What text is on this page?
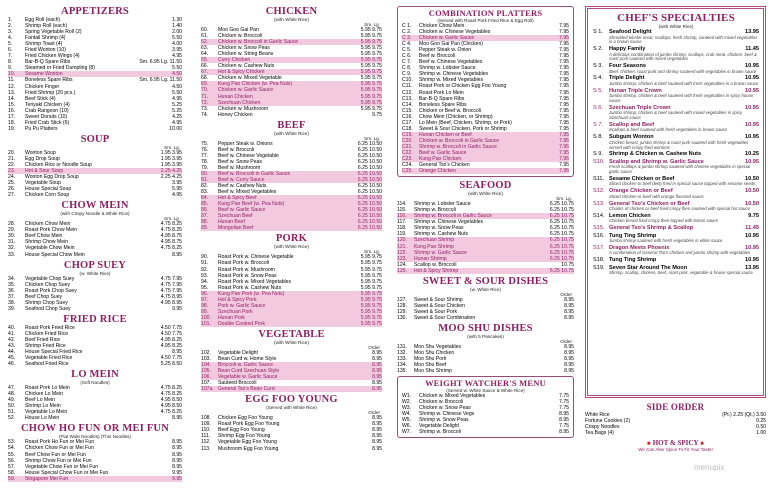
APPETIZERS
1.	Egg Roll (each)	1.30
2.	Shrimp Roll (each)	1.40
3.	Spring Vegetable Roll (2)	2.00
4.	Fantail Shrimp (4)	5.50
5.	Shrimp Toast (4)	4.00
6.	Fried Wonton (10)	3.95
7.	Fried Chicken Wings (4)	4.95
8.	Bar-B-Q Spare Ribs	Sm. 6.95 Lg. 11.50
9.	Steamed or Fried Dumpling (8)	5.50
10.	Sesame Wonton	4.50
11.	Boneless Spare Ribs	Sm. 6.95 Lg. 11.50
12.	Chicken Finger	4.50
13.	Fried Shrimp (20 pcs.)	5.50
14.	Beef Stick (4)	4.95
15.	Teriyaki Chicken (4)	5.25
16.	Crab Rangoon (10)	5.25
17.	Sweet Donuts (10)	4.25
18.	Fried Crab Stick (6)	4.95
19.	Pu Pu Platters	10.00
SOUP
Sm. Lg.
20.	Wonton Soup	1.95 3.95
21.	Egg Drop Soup	1.95 3.95
22.	Chicken Rice or Noodle Soup	1.95 3.95
23.	Hot & Sour Soup	2.25 4.25
24.	Wonton Egg Drop Soup	2.25 4.25
25.	Vegetable Soup	3.95
26.	House Special Soup	5.95
27.	Chicken Corn Soup	4.95
CHOW MEIN
(with Crispy Noodle & White Rice)
Sm. Lg.
28.	Chicken Chow Mein	4.75 8.25
29.	Roast Pork Chow Mein	4.75 8.25
30.	Beef Chow Mein	4.95 8.75
31.	Shrimp Chow Mein	4.95 8.75
32.	Vegetable Chow Mein	4.75 8.25
33.	House Special Chow Mein	8.95
CHOP SUEY
(w. White Rice)
34.	Vegetable Chop Suey	4.75 7.95
35.	Chicken Chop Suey	4.75 7.95
36.	Roast Pork Chop Suey	4.75 7.95
37.	Beef Chop Suey	4.75 8.95
38.	Shrimp Chop Suey	4.95 8.95
39.	Seafood Chop Suey	9.95
FRIED RICE
40.	Roast Pork Fried Rice	4.50 7.75
41.	Chicken Fried Rice	4.50 7.75
42.	Beef Fried Rice	4.95 8.25
43.	Shrimp Fried Rice	4.95 8.25
44.	House Special Fried Rice	8.95
45.	Vegetable Fried Rice	4.50 7.75
46.	Seafood Fried Rice	5.25 8.50
LO MEIN
(Soft Noodles)
47.	Roast Pork Lo Mein	4.75 8.25
48.	Chicken Lo Mein	4.75 8.25
49.	Beef Lo Mein	4.95 8.50
50.	Shrimp Lo Mein	4.95 8.50
51.	Vegetable Lo Mein	4.75 8.25
52.	House Lo Mein	8.95
CHOW HO FUN OR MEI FUN
(Flat Wide Noodles) (Thin Noodles)
53.	Roast Pork Ho Fun or Mei Fun	8.95
54.	Chicken Chow Fun or Mei Fun	8.95
55.	Beef Chow Fun or Mei Fun	8.95
56.	Shrimp Chow Fun or Mei Fun	8.95
57.	Vegetable Chow Fun or Mei Fun	8.95
58.	House Special Chow Fun or Mei Fun	9.95
59.	Singapore Mei Fun	9.95
CHICKEN
(with White Rice)
Sm. Lg.
60.	Moo Goo Gai Pan	5.95 9.75
61.	Chicken w. Broccoli	5.95 9.75
62.	Chicken w. Broccoli in Garlic Sauce	5.95 9.75
63.	Chicken w. Snow Peas	5.95 9.75
64.	Chicken w. String Beans	5.95 9.75
65.	Curry Chicken	5.95 9.75
66.	Chicken w. Cashew Nuts	5.95 9.75
67.	Hot & Spicy Chicken	5.95 9.75
68.	Chicken w. Mixed Vegetable	5.95 9.75
69.	Kung Pao Chicken (w. Pea Nuts)	5.95 9.75
70.	Chicken w. Garlic Sauce	5.95 9.75
71.	Hunan Chicken	5.95 9.75
72.	Szechuan Chicken	5.95 9.75
73.	Chicken w. Mushroom	5.95 9.75
74.	Honey Chicken	9.75
BEEF
(with White Rice)
Sm. Lg.
75.	Pepper Steak w. Onions	6.25 10.50
76.	Beef w. Broccoli	6.25 10.50
77.	Beef w. Chinese Vegetable	6.25 10.50
78.	Beef w. Snow Peas	6.25 10.50
79.	Beef w. Mushroom	6.25 10.50
80.	Beef w. Broccoli in Garlic Sauce	6.25 10.50
81.	Beef w. Curry Sauce	6.25 10.50
82.	Beef w. Cashew Nuts	6.25 10.50
83.	Beef w. Mixed Vegetables	6.25 10.50
84.	Hot & Spicy Beef	6.25 10.50
85.	Kung Pao Beef (w. Pea Nuts)	6.25 10.50
86.	Beef w. Garlic Sauce	6.25 10.50
87.	Szechuan Beef	6.25 10.50
88.	Hunan Beef	6.25 10.50
89.	Mongolian Beef	6.25 10.50
PORK
(with White Rice)
Sm. Lg.
90.	Roast Pork w. Chinese Vegetable	5.95 9.75
91.	Roast Pork w. Broccoli	5.95 9.75
92.	Roast Pork w. Mushroom	5.95 9.75
93.	Roast Pork w. Snow Peas	5.95 9.75
94.	Roast Pork w. Mixed Vegetables	5.95 9.75
95.	Roast Pork w. Cashew Nuts	5.95 9.75
96.	Kung Pao Pork (w. Pea Nuts)	5.95 9.75
97.	Hot & Spicy Pork	5.95 9.75
98.	Pork w. Garlic Sauce	5.95 9.75
99.	Szechuan Pork	5.95 9.75
100.	Hunan Pork	5.95 9.75
101.	Double Cooked Pork	5.95 9.75
VEGETABLE
(with White Rice)
Order
102.	Vegetable Delight	8.95
103.	Bean Curd w. Home Style	8.95
104.	Broccoli w. Garlic Sauce	8.95
105.	Bean Curd Szechuan Style	8.95
106.	Vegetable w. Garlic Sauce	8.95
107.	Sauteed Broccoli	8.95
107a. General Tso's Bean Curd	8.95
EGG FOO YOUNG
(Served with White Rice)
Order
108.	Chicken Egg Foo Young	8.95
109.	Roast Pork Egg Foo Young	8.95
110.	Beef Egg Foo Young	8.95
111.	Shrimp Egg Foo Young	8.95
112.	Vegetable Egg Foo Young	8.95
113.	Mushroom Egg Foo Young	8.95
COMBINATION PLATTERS
(Served with Roast Pork Fried Rice & Egg Roll)
C 1.	Chicken Chow Mein	7.95
C 2.	Chicken w. Chinese Vegetables	7.95
C 3.	Chicken w. Garlic Sauce	7.95
C 4.	Moo Goo Gai Pan (Chicken)	7.95
C 5.	Pepper Steak w. Onion	7.95
C 6.	Beef w. Broccoli	7.95
C 7.	Beef w. Chinese Vegetables	7.95
C 8.	Shrimp w. Lobster Sauce	7.95
C 9.	Shrimp w. Chinese Vegetables	7.95
C10.	Shrimp w. Mixed Vegetables	7.95
C11.	Roast Pork or Chicken Egg Foo Young	7.95
C12.	Roast Pork Lo Mein	7.95
C13.	Bar-B-Q Spare Ribs	7.95
C14.	Boneless Spare Ribs	7.95
C15.	Chicken or Beef w. Broccoli	7.95
C16.	Chow Mein (Chicken, or Shrimp)	7.95
C17.	Lo Mein (Beef, Chicken, Shrimp, or Pork)	7.95
C18.	Sweet & Sour Chicken, Pork or Shrimp	7.95
C19.	Hunan Chicken or Beef	7.95
C20.	Chicken w. Broccoli in Garlic Sauce	7.95
C21.	Shrimp w. Broccoli in Garlic Sauce	7.95
C22.	Beef w. Garlic Sauce	7.95
C23.	Kung Pao Chicken	7.95
C24.	General Tso's Chicken	7.95
C25.	Orange Chicken	7.95
SEAFOOD
(with White Rice)
Sm. Lg.
114.	Shrimp w. Lobster Sauce	6.25 10.75
115.	Shrimp w. Broccoli	6.25 10.75
116.	Shrimp w. Broccoli in Garlic Sauce	6.25 10.75
117.	Shrimp w. Chinese Vegetables	6.25 10.75
118.	Shrimp w. Snow Peas	6.25 10.75
119.	Shrimp w. Cashew Nuts	6.25 10.75
120.	Szechuan Shrimp	6.25 10.75
121.	Kung Pao Shrimp	6.25 10.75
122.	Shrimp w. Garlic Sauce	6.25 10.75
123.	Hunan Shrimp	6.25 10.75
124.	Scallop w. Broccoli	10.75
125.	Hot & Spicy Shrimp	6.25 10.75
SWEET & SOUR DISHES
(w. White Rice)
Order
127.	Sweet & Sour Shrimp	8.95
128.	Sweet & Sour Chicken	8.95
129.	Sweet & Sour Pork	8.95
130.	Sweet & Sour Combination	8.95
MOO SHU DISHES
(with 5 Pancakes)
Order
131.	Moo Shu Vegetables	8.95
132.	Moo Shu Chicken	8.95
133.	Moo Shu Pork	8.95
134.	Moo Shu Beef	8.95
135.	Moo Shu Shrimp	8.95
WEIGHT WATCHER'S MENU
(Served w. White Sauce & White Rice)
W1.	Chicken w. Mixed Vegetables	7.75
W2.	Chicken w. Broccoli	7.75
W3.	Chicken w. Snow Peas	7.75
W4.	Shrimp w. Chinese Vegs	8.95
W5.	Shrimp w. Snow Peas	8.95
W6.	Vegetable Delight	7.75
W7.	Shrimp w. Broccoli	8.95
CHEF'S SPECIALTIES
(with White Rice)
S 1.	Seafood Delight	13.95
Shredded lobster meat, scallops, fresh shrimp, sauteed with mixed vegetables in a brown sauce
S 2.	Happy Family	11.45
A delicious combination of jumbo shrimp, scallops, crab meat, chicken, beef & roast pork sauteed with mixed vegetables
S 3.	Four Seasons	10.95
Beef, chicken, roast pork and shrimp sauteed with vegetables in brown sauce
S 4.	Triple Delight	10.95
Jumbo shrimp, chicken & beef sauteed with fresh vegetables in a brown sauce
S 5.	Hunan Triple Crown	10.95
Jumbo shrimp, chicken & beef sauteed with fresh vegetables in spicy hunan sauce
S 6.	Szechuan Triple Crown	10.95
Jumbo shrimp, chicken & beef sauteed with mixed vegetables in spicy Szechuan sauce
S 7.	Scallop and Beef	10.95
Scallops & beef sauteed with fresh vegetables in brown sauce
S 8.	Subgum Wonton	10.95
Chicken breast, jumbo shrimp & roast pork sauteed with fresh vegetables served with crispy fried wontons
S 9.	Shrimp & Chicken w. Cashew Nuts	10.25
S10. Scallop and Shrimp w. Garlic Sauce	10.95
Fresh scallops & jumbo shrimp sauteed with chinese vegetables in special garlic sauce
S11. Sesame Chicken or Beef	10.50
Sliced chicken or beef deep fried in special sauce topped with sesame seeds
S12. Orange Chicken or Beef	10.50
Sliced chicken or beef with orange flavored sauce
S13. General Tso's Chicken or Beef	10.50
Chunks of chicken or beef fried crispy then sauteed with special hot sauce
S14. Lemon Chicken	9.75
Chicken breast fried crispy then topped with lemon sauce
S15. General Tso's Shrimp & Scallop	11.45
S16. Tung Ting Shrimp	10.95
Jumbo shrimp sauteed with fresh vegetables in white sauce
S17. Dragon Meets Phoenix	10.95
A combination of General Tso's chicken and jumbo shrimp with vegetables
S18. Tung Ting Shrimp	10.95
S19. Seven Star Around The Moon	13.95
Shrimp, scallop, chicken, beef, roast pork, vegetable & house special sauce
SIDE ORDER
White Rice	(Pt.) 2.25 (Qt.) 3.50
Fortune Cookies (2)	0.25
Crispy Noodles	0.50
Tea Bags (4)	1.00
✸ HOT & SPICY ✸
We Can Alter Spice To Fit Your Taste!
menupix
